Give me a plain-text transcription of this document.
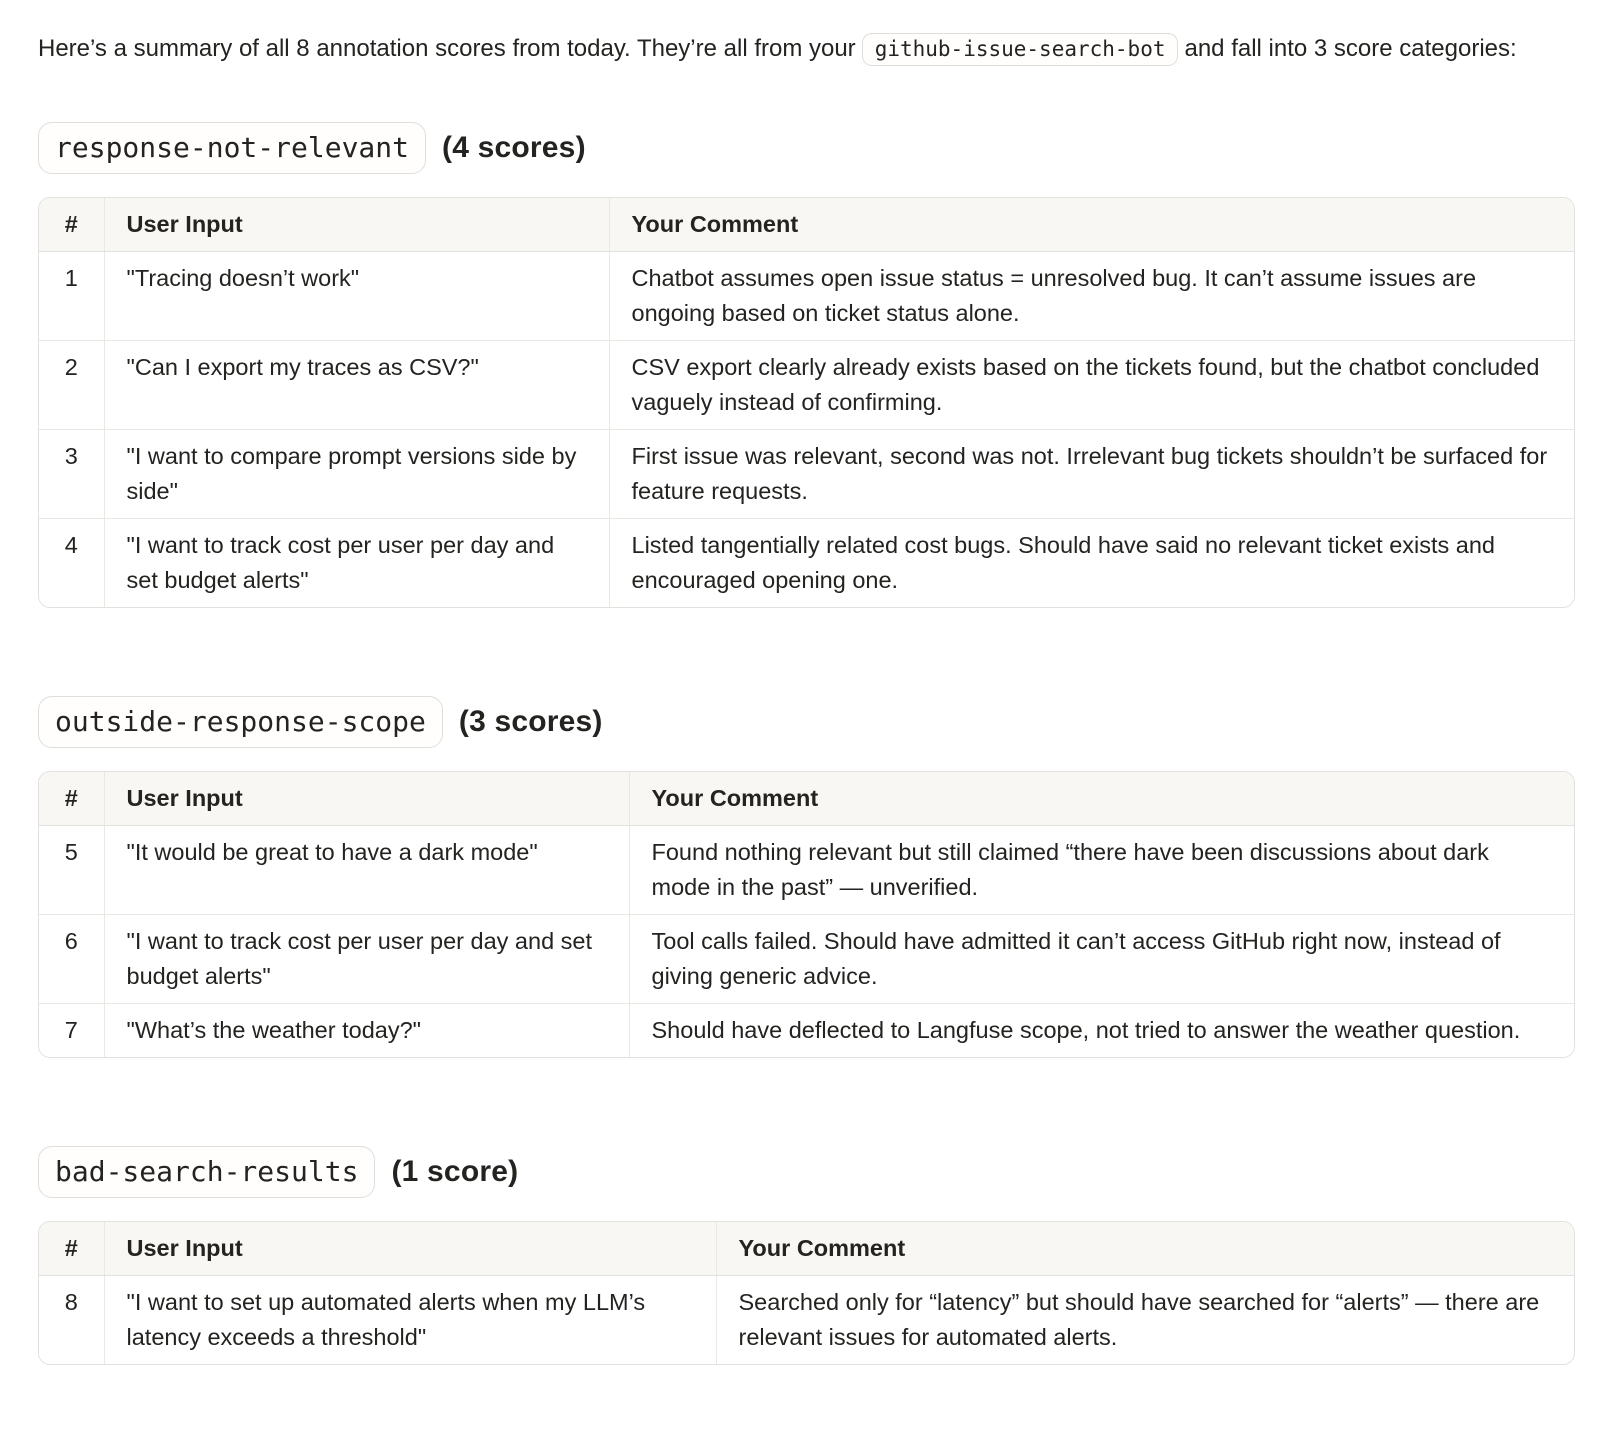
Here’s a summary of all 8 annotation scores from today. They’re all from your github-issue-search-bot and fall into 3 score categories:

response-not-relevant	(4 scores)
#	User Input	Your Comment
1	"Tracing doesn’t work"	Chatbot assumes open issue status = unresolved bug. It can’t assume issues are ongoing based on ticket status alone.
2	"Can I export my traces as CSV?"	CSV export clearly already exists based on the tickets found, but the chatbot concluded vaguely instead of confirming.
3	"I want to compare prompt versions side by side"	First issue was relevant, second was not. Irrelevant bug tickets shouldn’t be surfaced for feature requests.
4	"I want to track cost per user per day and set budget alerts"	Listed tangentially related cost bugs. Should have said no relevant ticket exists and encouraged opening one.
outside-response-scope	(3 scores)
#	User Input	Your Comment
5	"It would be great to have a dark mode"	Found nothing relevant but still claimed “there have been discussions about dark mode in the past” — unverified.
6	"I want to track cost per user per day and set budget alerts"	Tool calls failed. Should have admitted it can’t access GitHub right now, instead of giving generic advice.
7	"What’s the weather today?"	Should have deflected to Langfuse scope, not tried to answer the weather question.
bad-search-results	(1 score)
#	User Input	Your Comment
8	"I want to set up automated alerts when my LLM’s latency exceeds a threshold"	Searched only for “latency” but should have searched for “alerts” — there are relevant issues for automated alerts.
